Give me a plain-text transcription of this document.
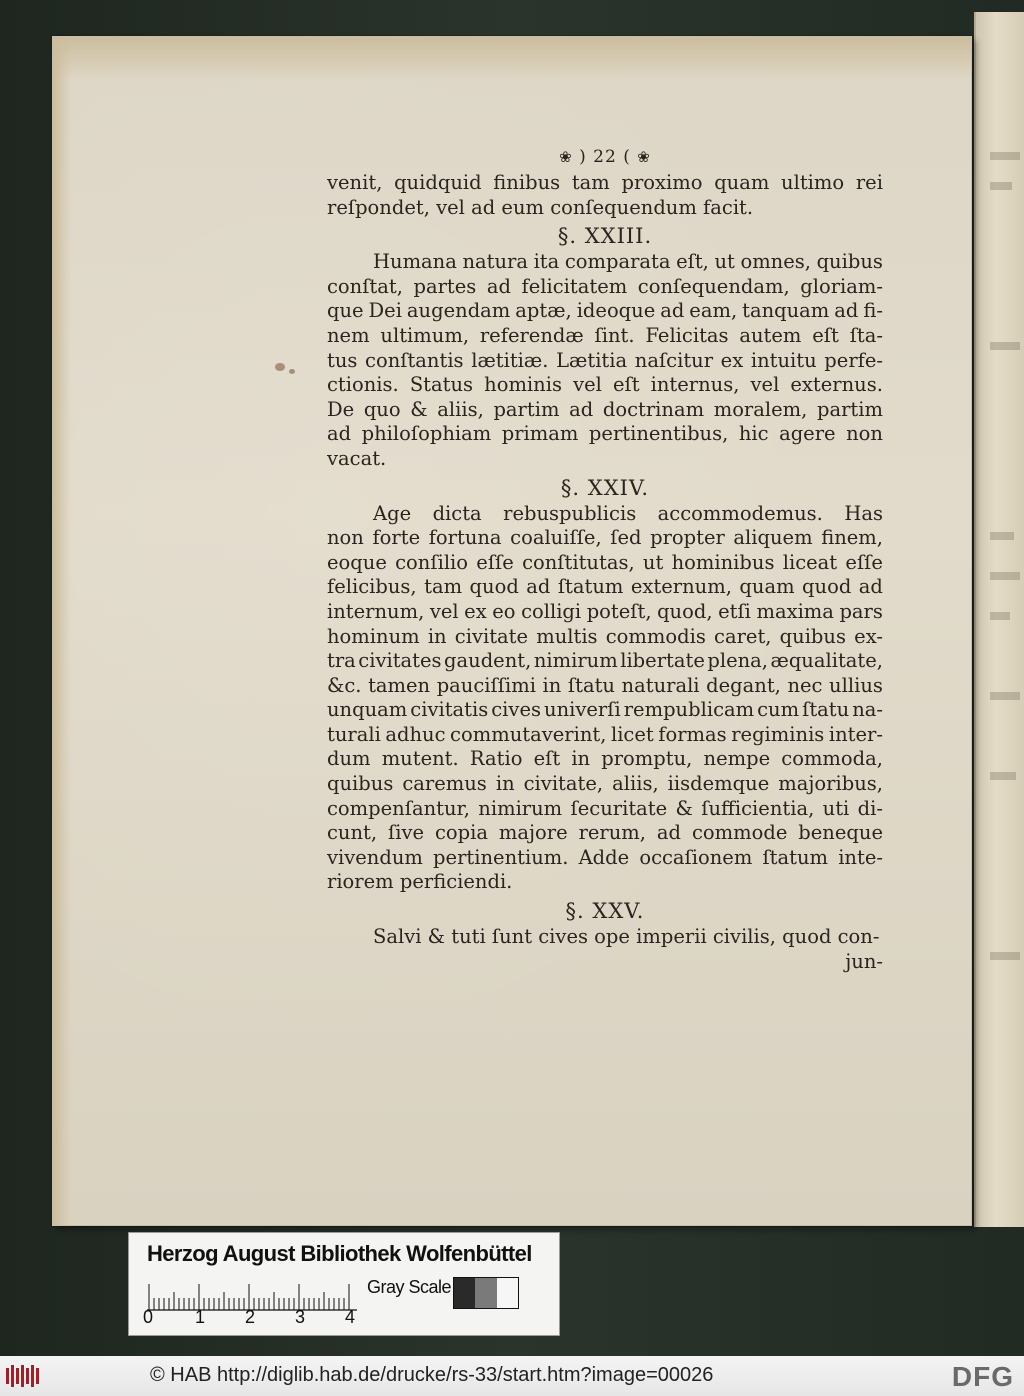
❀ ) 22 ( ❀
venit, quidquid finibus tam proximo quam ultimo rei
reſpondet, vel ad eum conſequendum facit.
§. XXIII.
Humana natura ita comparata eſt, ut omnes, quibus
conſtat, partes ad felicitatem conſequendam, gloriam-
que Dei augendam aptæ, ideoque ad eam, tanquam ad fi-
nem ultimum, referendæ ſint. Felicitas autem eſt ſta-
tus conſtantis lætitiæ. Lætitia naſcitur ex intuitu perfe-
ctionis. Status hominis vel eſt internus, vel externus.
De quo & aliis, partim ad doctrinam moralem, partim
ad philoſophiam primam pertinentibus, hic agere non
vacat.
§. XXIV.
Age dicta rebuspublicis accommodemus. Has
non forte fortuna coaluiſſe, ſed propter aliquem finem,
eoque conſilio eſſe conſtitutas, ut hominibus liceat eſſe
felicibus, tam quod ad ſtatum externum, quam quod ad
internum, vel ex eo colligi poteſt, quod, etſi maxima pars
hominum in civitate multis commodis caret, quibus ex-
tra civitates gaudent, nimirum libertate plena, æqualitate,
&c. tamen pauciſſimi in ſtatu naturali degant, nec ullius
unquam civitatis cives univerſi rempublicam cum ſtatu na-
turali adhuc commutaverint, licet formas regiminis inter-
dum mutent. Ratio eſt in promptu, nempe commoda,
quibus caremus in civitate, aliis, iisdemque majoribus,
compenſantur, nimirum ſecuritate & ſufficientia, uti di-
cunt, ſive copia majore rerum, ad commode beneque
vivendum pertinentium. Adde occaſionem ſtatum inte-
riorem perficiendi.
§. XXV.
Salvi & tuti ſunt cives ope imperii civilis, quod con-
jun-
Herzog August Bibliothek Wolfenbüttel
0 1 2 3 4
Gray Scale
© HAB http://diglib.hab.de/drucke/rs-33/start.htm?image=00026	DFG
